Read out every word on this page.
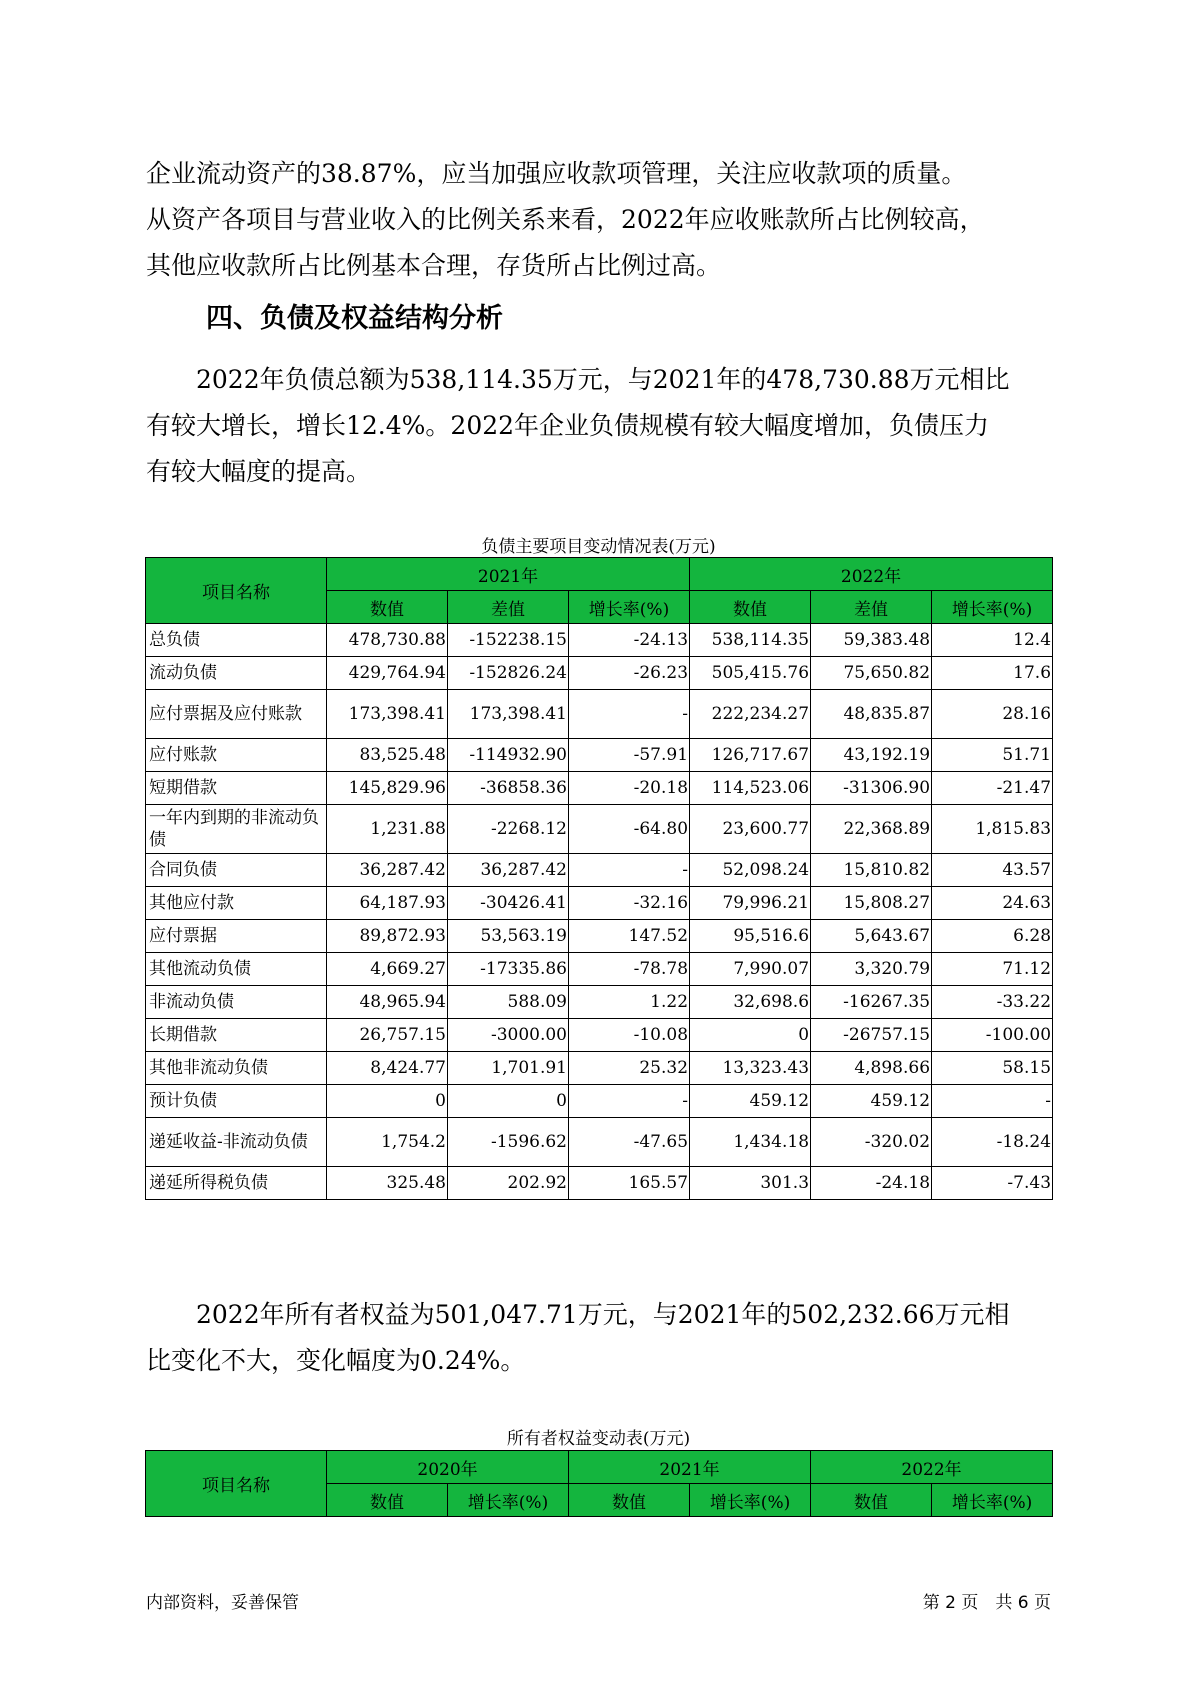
企业流动资产的38.87%，应当加强应收款项管理，关注应收款项的质量。
从资产各项目与营业收入的比例关系来看，2022年应收账款所占比例较高，
其他应收款所占比例基本合理，存货所占比例过高。
四、负债及权益结构分析
　　2022年负债总额为538,114.35万元，与2021年的478,730.88万元相比
有较大增长，增长12.4%。2022年企业负债规模有较大幅度增加，负债压力
有较大幅度的提高。
负债主要项目变动情况表(万元)
项目名称	2021年			2022年		
	数值	差值	增长率(%)	数值	差值	增长率(%)
总负债	478,730.88	-152238.15	-24.13	538,114.35	59,383.48	12.4
流动负债	429,764.94	-152826.24	-26.23	505,415.76	75,650.82	17.6
应付票据及应付账款	173,398.41	173,398.41	-	222,234.27	48,835.87	28.16
应付账款	83,525.48	-114932.90	-57.91	126,717.67	43,192.19	51.71
短期借款	145,829.96	-36858.36	-20.18	114,523.06	-31306.90	-21.47
一年内到期的非流动负债	1,231.88	-2268.12	-64.80	23,600.77	22,368.89	1,815.83
合同负债	36,287.42	36,287.42	-	52,098.24	15,810.82	43.57
其他应付款	64,187.93	-30426.41	-32.16	79,996.21	15,808.27	24.63
应付票据	89,872.93	53,563.19	147.52	95,516.6	5,643.67	6.28
其他流动负债	4,669.27	-17335.86	-78.78	7,990.07	3,320.79	71.12
非流动负债	48,965.94	588.09	1.22	32,698.6	-16267.35	-33.22
长期借款	26,757.15	-3000.00	-10.08	0	-26757.15	-100.00
其他非流动负债	8,424.77	1,701.91	25.32	13,323.43	4,898.66	58.15
预计负债	0	0	-	459.12	459.12	-
递延收益-非流动负债	1,754.2	-1596.62	-47.65	1,434.18	-320.02	-18.24
递延所得税负债	325.48	202.92	165.57	301.3	-24.18	-7.43
　　2022年所有者权益为501,047.71万元，与2021年的502,232.66万元相
比变化不大，变化幅度为0.24%。
所有者权益变动表(万元)
项目名称	2020年		2021年		2022年	
	数值	增长率(%)	数值	增长率(%)	数值	增长率(%)
内部资料，妥善保管	第 2 页　共 6 页
